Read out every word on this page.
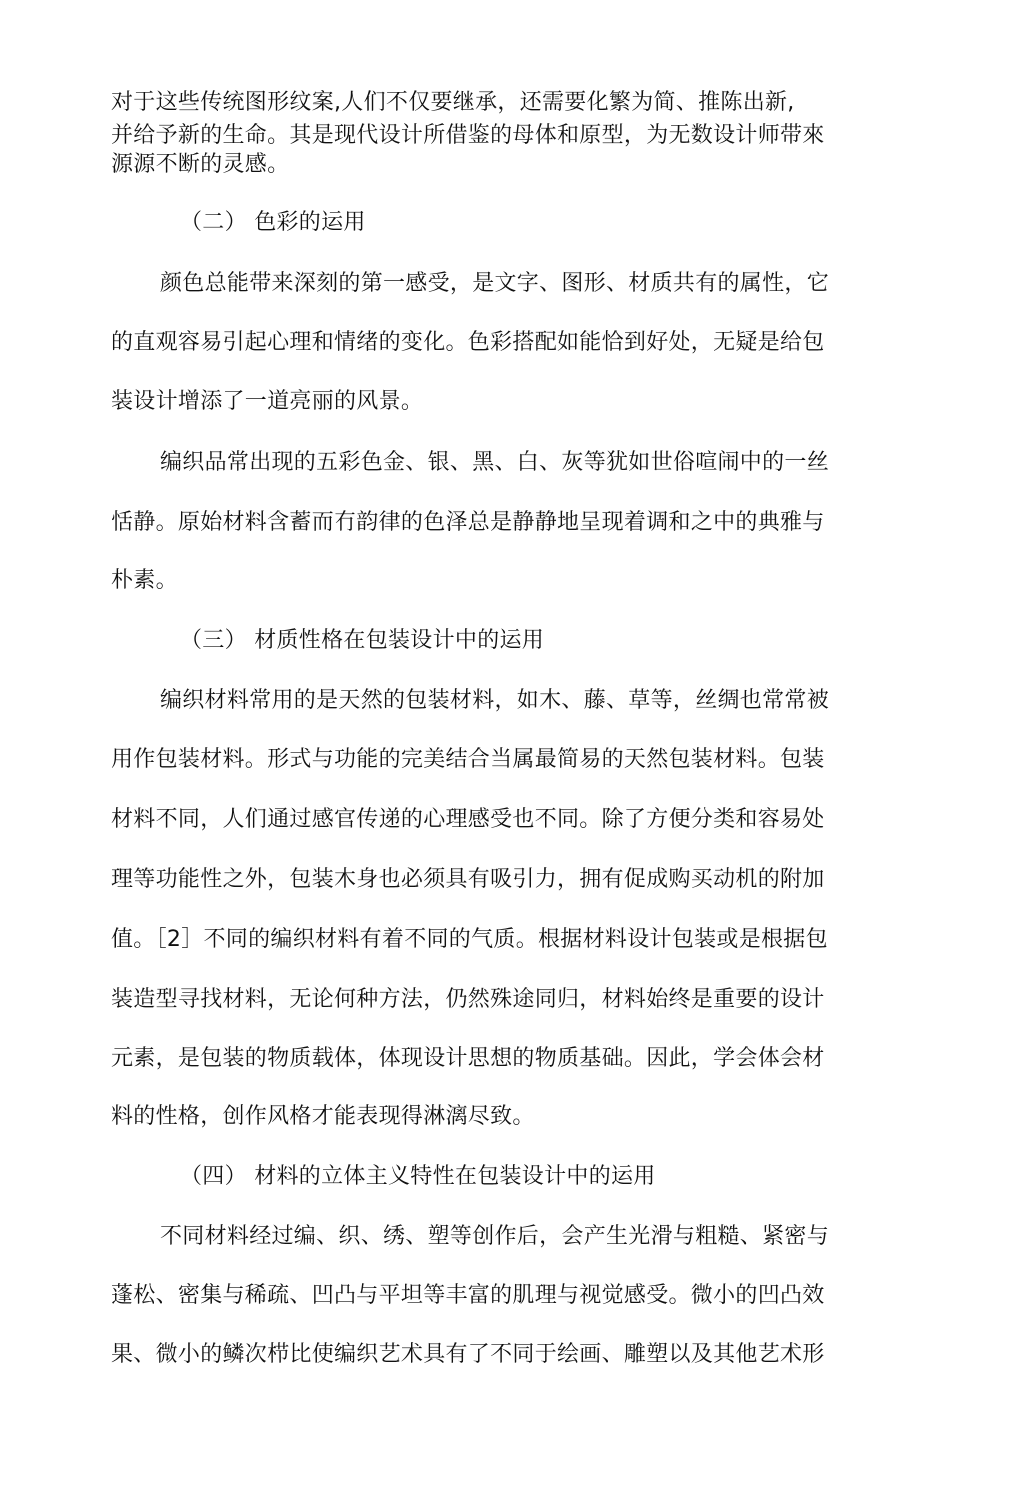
对于这些传统图形纹案,人们不仅要继承，还需要化繁为简、推陈出新,
并给予新的生命。其是现代设计所借鉴的母体和原型，为无数设计师带來
源源不断的灵感。
（二） 色彩的运用
颜色总能带来深刻的第一感受，是文字、图形、材质共有的属性，它
的直观容易引起心理和情绪的变化。色彩搭配如能恰到好处，无疑是给包
装设计增添了一道亮丽的风景。
编织品常出现的五彩色金、银、黑、白、灰等犹如世俗喧闹中的一丝
恬静。原始材料含蓄而冇韵律的色泽总是静静地呈现着调和之中的典雅与
朴素。
（三） 材质性格在包装设计中的运用
编织材料常用的是天然的包装材料，如木、藤、草等，丝绸也常常被
用作包装材料。形式与功能的完美结合当属最简易的天然包装材料。包装
材料不同，人们通过感官传递的心理感受也不同。除了方便分类和容易处
理等功能性之外，包装木身也必须具有吸引力，拥有促成购买动机的附加
值。［2］不同的编织材料有着不同的气质。根据材料设计包装或是根据包
装造型寻找材料，无论何种方法，仍然殊途同归，材料始终是重要的设计
元素，是包装的物质载体，体现设计思想的物质基础。因此，学会体会材
料的性格，创作风格才能表现得淋漓尽致。
（四） 材料的立体主义特性在包装设计中的运用
不同材料经过编、织、绣、塑等创作后，会产生光滑与粗糙、紧密与
蓬松、密集与稀疏、凹凸与平坦等丰富的肌理与视觉感受。微小的凹凸效
果、微小的鳞次栉比使编织艺术具有了不同于绘画、雕塑以及其他艺术形
